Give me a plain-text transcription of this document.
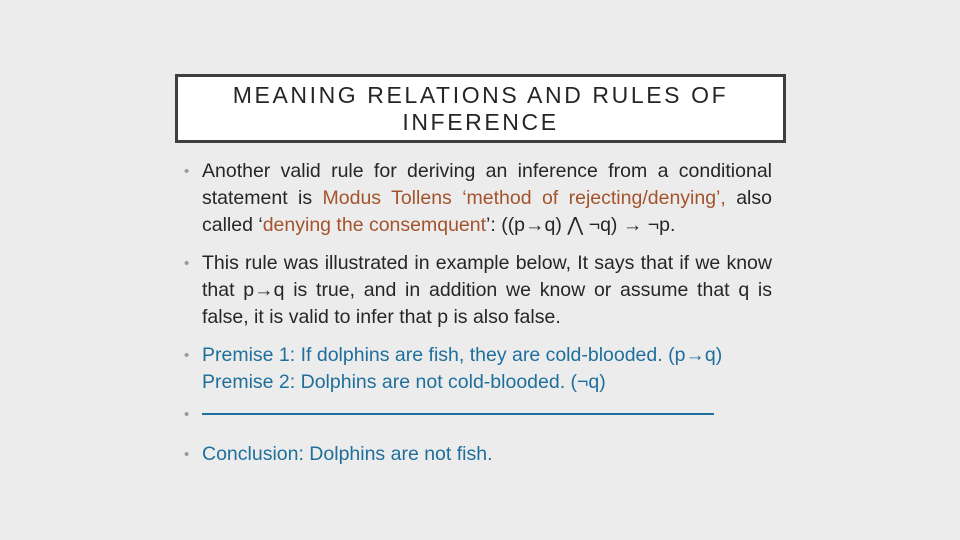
MEANING RELATIONS AND RULES OF INFERENCE
• Another valid rule for deriving an inference from a conditional statement is Modus Tollens ‘method of rejecting/denying’, also called ‘denying the consemquent’: ((p→q) ⋀ ¬q) → ¬p.
• This rule was illustrated in example below, It says that if we know that p→q is true, and in addition we know or assume that q is false, it is valid to infer that p is also false.
• Premise 1: If dolphins are fish, they are cold-blooded. (p→q) Premise 2: Dolphins are not cold-blooded. (¬q)
•
• Conclusion: Dolphins are not fish.
